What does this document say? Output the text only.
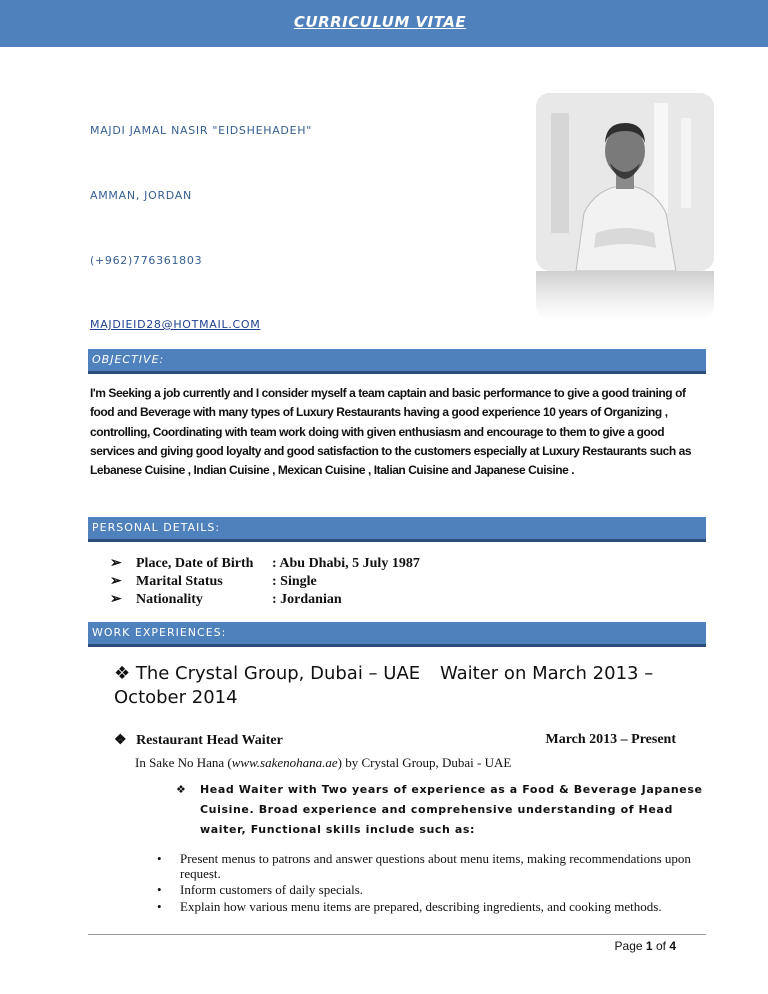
CURRICULUM VITAE
MAJDI JAMAL NASIR "EIDSHEHADEH"
AMMAN, JORDAN
(+962)776361803
MAJDIEID28@HOTMAIL.COM
OBJECTIVE:
I'm Seeking a job currently and I consider myself a team captain and basic performance to give a good training of food and Beverage with many types of Luxury Restaurants having a good experience 10 years of Organizing , controlling, Coordinating with team work doing with given enthusiasm and encourage to them to give a good services and giving good loyalty and good satisfaction to the customers especially at Luxury Restaurants such as Lebanese Cuisine , Indian Cuisine , Mexican Cuisine , Italian Cuisine and Japanese Cuisine .
PERSONAL DETAILS:
➢ Place, Date of Birth : Abu Dhabi, 5 July 1987
➢ Marital Status	: Single
➢ Nationality	: Jordanian
WORK EXPERIENCES:
❖ The Crystal Group, Dubai – UAE	Waiter on March 2013 –
October 2014
❖ Restaurant Head Waiter	March 2013 – Present
In Sake No Hana (www.sakenohana.ae) by Crystal Group, Dubai - UAE
❖	Head Waiter with Two years of experience as a Food & Beverage Japanese Cuisine. Broad experience and comprehensive understanding of Head waiter, Functional skills include such as:
• Present menus to patrons and answer questions about menu items, making recommendations upon request.
• Inform customers of daily specials.
• Explain how various menu items are prepared, describing ingredients, and cooking methods.
Page 1 of 4
